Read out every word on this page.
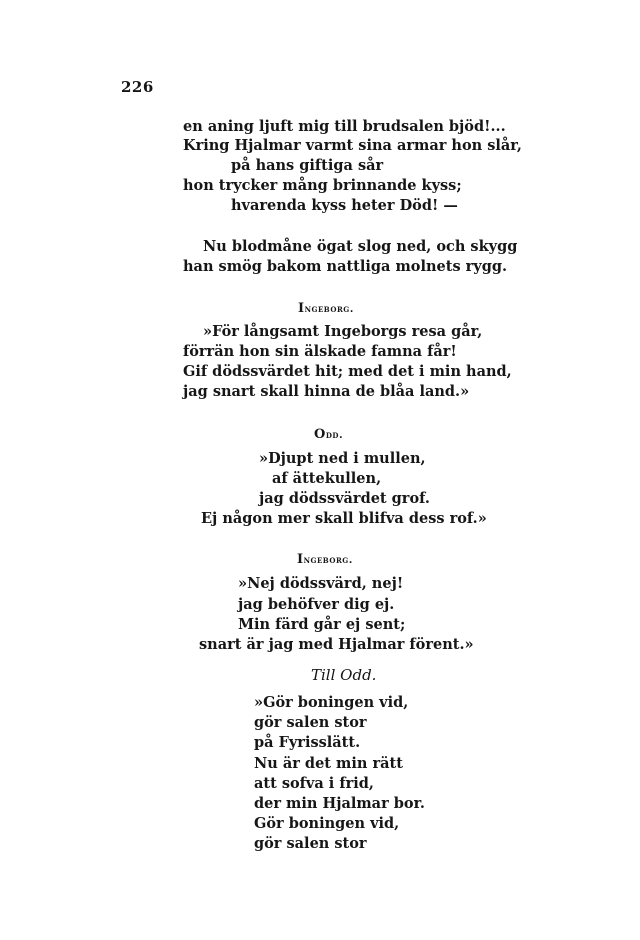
226
en aning ljuft mig till brudsalen bjöd!...
Kring Hjalmar varmt sina armar hon slår,
på hans giftiga sår
hon trycker mång brinnande kyss;
hvarenda kyss heter Död! —
Nu blodmåne ögat slog ned, och skygg
han smög bakom nattliga molnets rygg.
Ingeborg.
»För långsamt Ingeborgs resa går,
förrän hon sin älskade famna får!
Gif dödssvärdet hit; med det i min hand,
jag snart skall hinna de blåa land.»
Odd.
»Djupt ned i mullen,
af ättekullen,
jag dödssvärdet grof.
Ej någon mer skall blifva dess rof.»
Ingeborg.
»Nej dödssvärd, nej!
jag behöfver dig ej.
Min färd går ej sent;
snart är jag med Hjalmar förent.»
Till Odd.
»Gör boningen vid,
gör salen stor
på Fyrisslätt.
Nu är det min rätt
att sofva i frid,
der min Hjalmar bor.
Gör boningen vid,
gör salen stor
